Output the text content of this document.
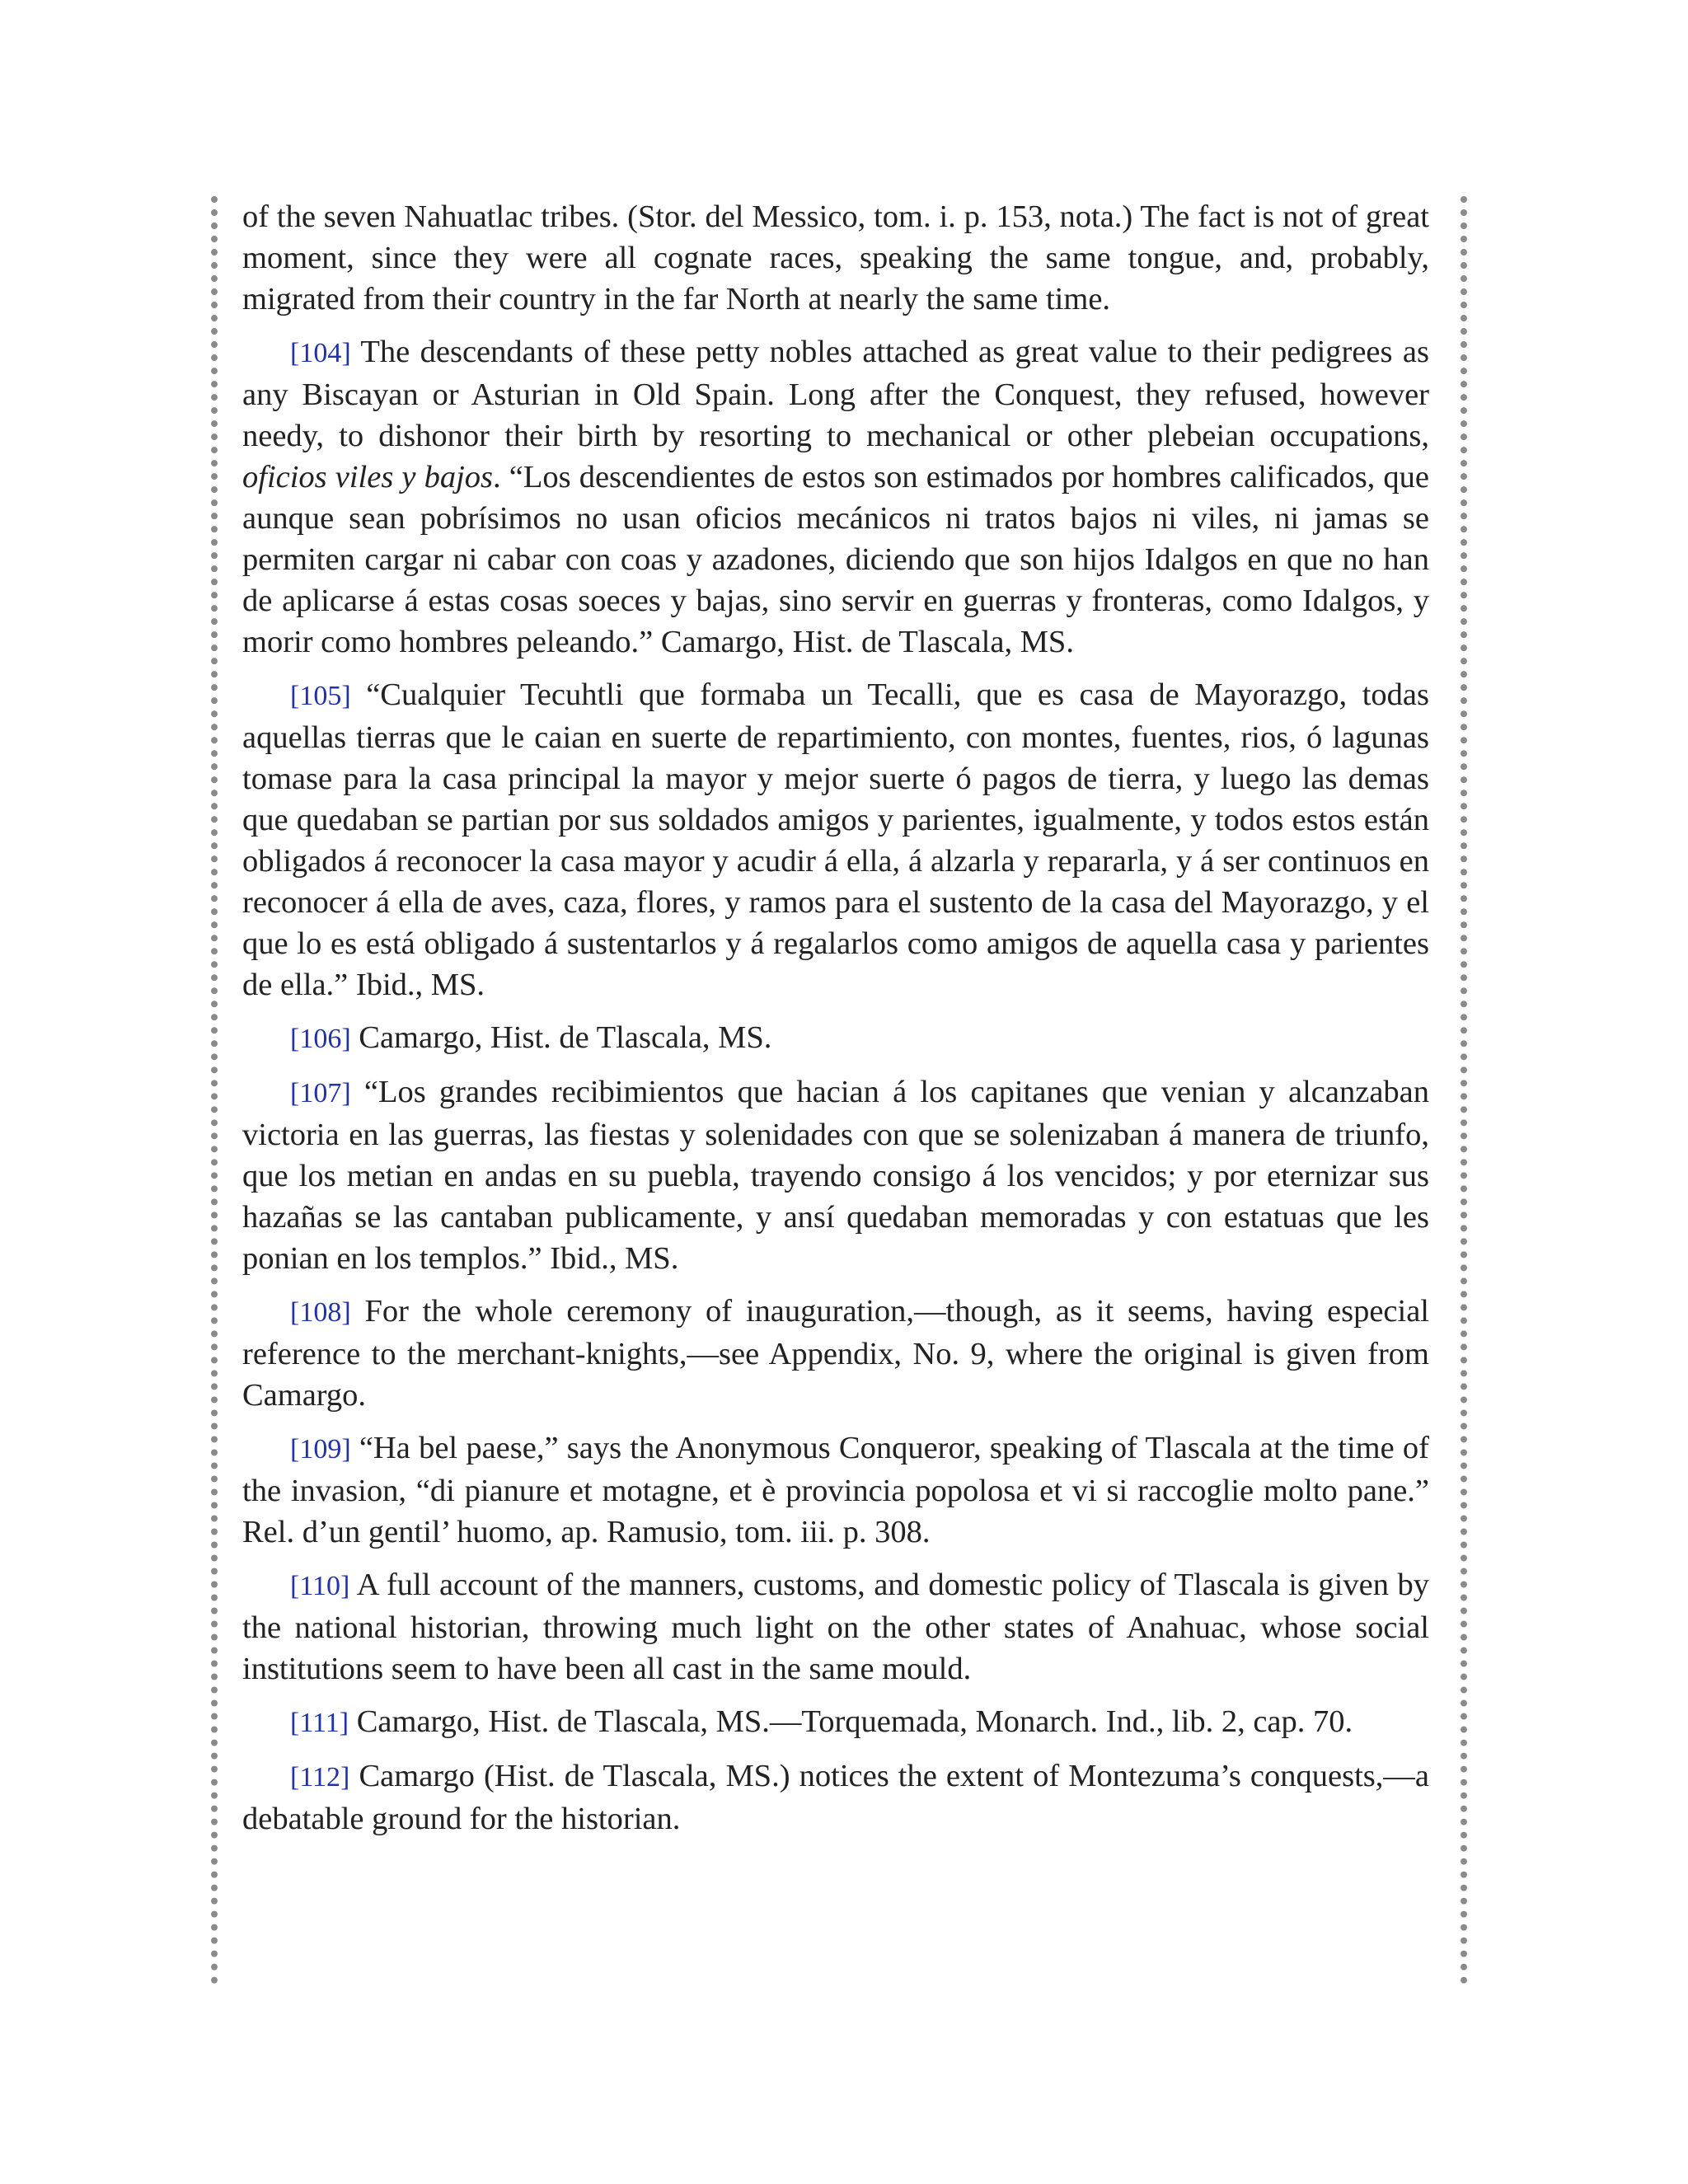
of the seven Nahuatlac tribes. (Stor. del Messico, tom. i. p. 153, nota.) The fact is not of great moment, since they were all cognate races, speaking the same tongue, and, probably, migrated from their country in the far North at nearly the same time.

[104] The descendants of these petty nobles attached as great value to their pedigrees as any Biscayan or Asturian in Old Spain. Long after the Conquest, they refused, however needy, to dishonor their birth by resorting to mechanical or other plebeian occupations, oficios viles y bajos. “Los descendientes de estos son estimados por hombres calificados, que aunque sean pobrísimos no usan oficios mecánicos ni tratos bajos ni viles, ni jamas se permiten cargar ni cabar con coas y azadones, diciendo que son hijos Idalgos en que no han de aplicarse á estas cosas soeces y bajas, sino servir en guerras y fronteras, como Idalgos, y morir como hombres peleando.” Camargo, Hist. de Tlascala, MS.

[105] “Cualquier Tecuhtli que formaba un Tecalli, que es casa de Mayorazgo, todas aquellas tierras que le caian en suerte de repartimiento, con montes, fuentes, rios, ó lagunas tomase para la casa principal la mayor y mejor suerte ó pagos de tierra, y luego las demas que quedaban se partian por sus soldados amigos y parientes, igualmente, y todos estos están obligados á reconocer la casa mayor y acudir á ella, á alzarla y repararla, y á ser continuos en reconocer á ella de aves, caza, flores, y ramos para el sustento de la casa del Mayorazgo, y el que lo es está obligado á sustentarlos y á regalarlos como amigos de aquella casa y parientes de ella.” Ibid., MS.

[106] Camargo, Hist. de Tlascala, MS.

[107] “Los grandes recibimientos que hacian á los capitanes que venian y alcanzaban victoria en las guerras, las fiestas y solenidades con que se solenizaban á manera de triunfo, que los metian en andas en su puebla, trayendo consigo á los vencidos; y por eternizar sus hazañas se las cantaban publicamente, y ansí quedaban memoradas y con estatuas que les ponian en los templos.” Ibid., MS.

[108] For the whole ceremony of inauguration,—though, as it seems, having especial reference to the merchant-knights,—see Appendix, No. 9, where the original is given from Camargo.

[109] “Ha bel paese,” says the Anonymous Conqueror, speaking of Tlascala at the time of the invasion, “di pianure et motagne, et è provincia popolosa et vi si raccoglie molto pane.” Rel. d’un gentil’ huomo, ap. Ramusio, tom. iii. p. 308.

[110] A full account of the manners, customs, and domestic policy of Tlascala is given by the national historian, throwing much light on the other states of Anahuac, whose social institutions seem to have been all cast in the same mould.

[111] Camargo, Hist. de Tlascala, MS.—Torquemada, Monarch. Ind., lib. 2, cap. 70.

[112] Camargo (Hist. de Tlascala, MS.) notices the extent of Montezuma’s conquests,—a debatable ground for the historian.
